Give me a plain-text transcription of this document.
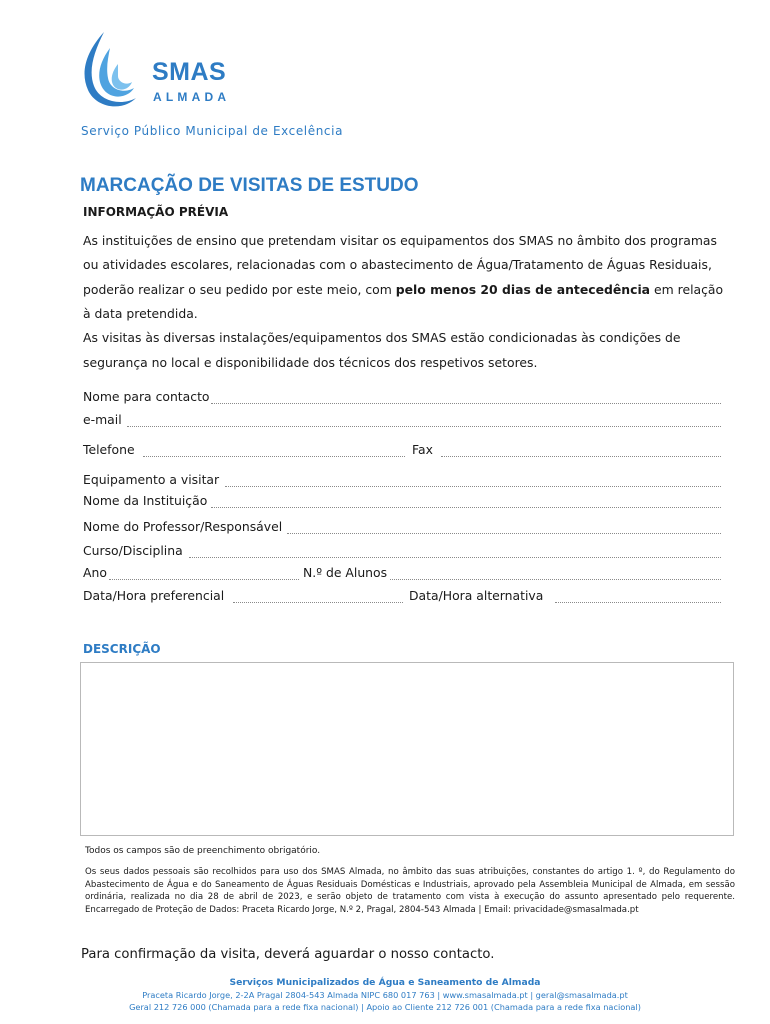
SMAS
ALMADA
Serviço Público Municipal de Excelência
MARCAÇÃO DE VISITAS DE ESTUDO
INFORMAÇÃO PRÉVIA
As instituições de ensino que pretendam visitar os equipamentos dos SMAS no âmbito dos programas
ou atividades escolares, relacionadas com o abastecimento de Água/Tratamento de Águas Residuais,
poderão realizar o seu pedido por este meio, com pelo menos 20 dias de antecedência em relação
à data pretendida.
As visitas às diversas instalações/equipamentos dos SMAS estão condicionadas às condições de
segurança no local e disponibilidade dos técnicos dos respetivos setores.
Nome para contacto
e-mail
Telefone	Fax
Equipamento a visitar
Nome da Instituição
Nome do Professor/Responsável
Curso/Disciplina
Ano	N.º de Alunos
Data/Hora preferencial	Data/Hora alternativa
DESCRIÇÃO
Todos os campos são de preenchimento obrigatório.
Os seus dados pessoais são recolhidos para uso dos SMAS Almada, no âmbito das suas atribuições, constantes do artigo 1. º, do Regulamento do Abastecimento de Água e do Saneamento de Águas Residuais Domésticas e Industriais, aprovado pela Assembleia Municipal de Almada, em sessão ordinária, realizada no dia 28 de abril de 2023, e serão objeto de tratamento com vista à execução do assunto apresentado pelo requerente. Encarregado de Proteção de Dados: Praceta Ricardo Jorge, N.º 2, Pragal, 2804-543 Almada | Email: privacidade@smasalmada.pt
Para confirmação da visita, deverá aguardar o nosso contacto.
Serviços Municipalizados de Água e Saneamento de Almada
Praceta Ricardo Jorge, 2-2A Pragal 2804-543 Almada NIPC 680 017 763 | www.smasalmada.pt | geral@smasalmada.pt
Geral 212 726 000 (Chamada para a rede fixa nacional) | Apoio ao Cliente 212 726 001 (Chamada para a rede fixa nacional)
